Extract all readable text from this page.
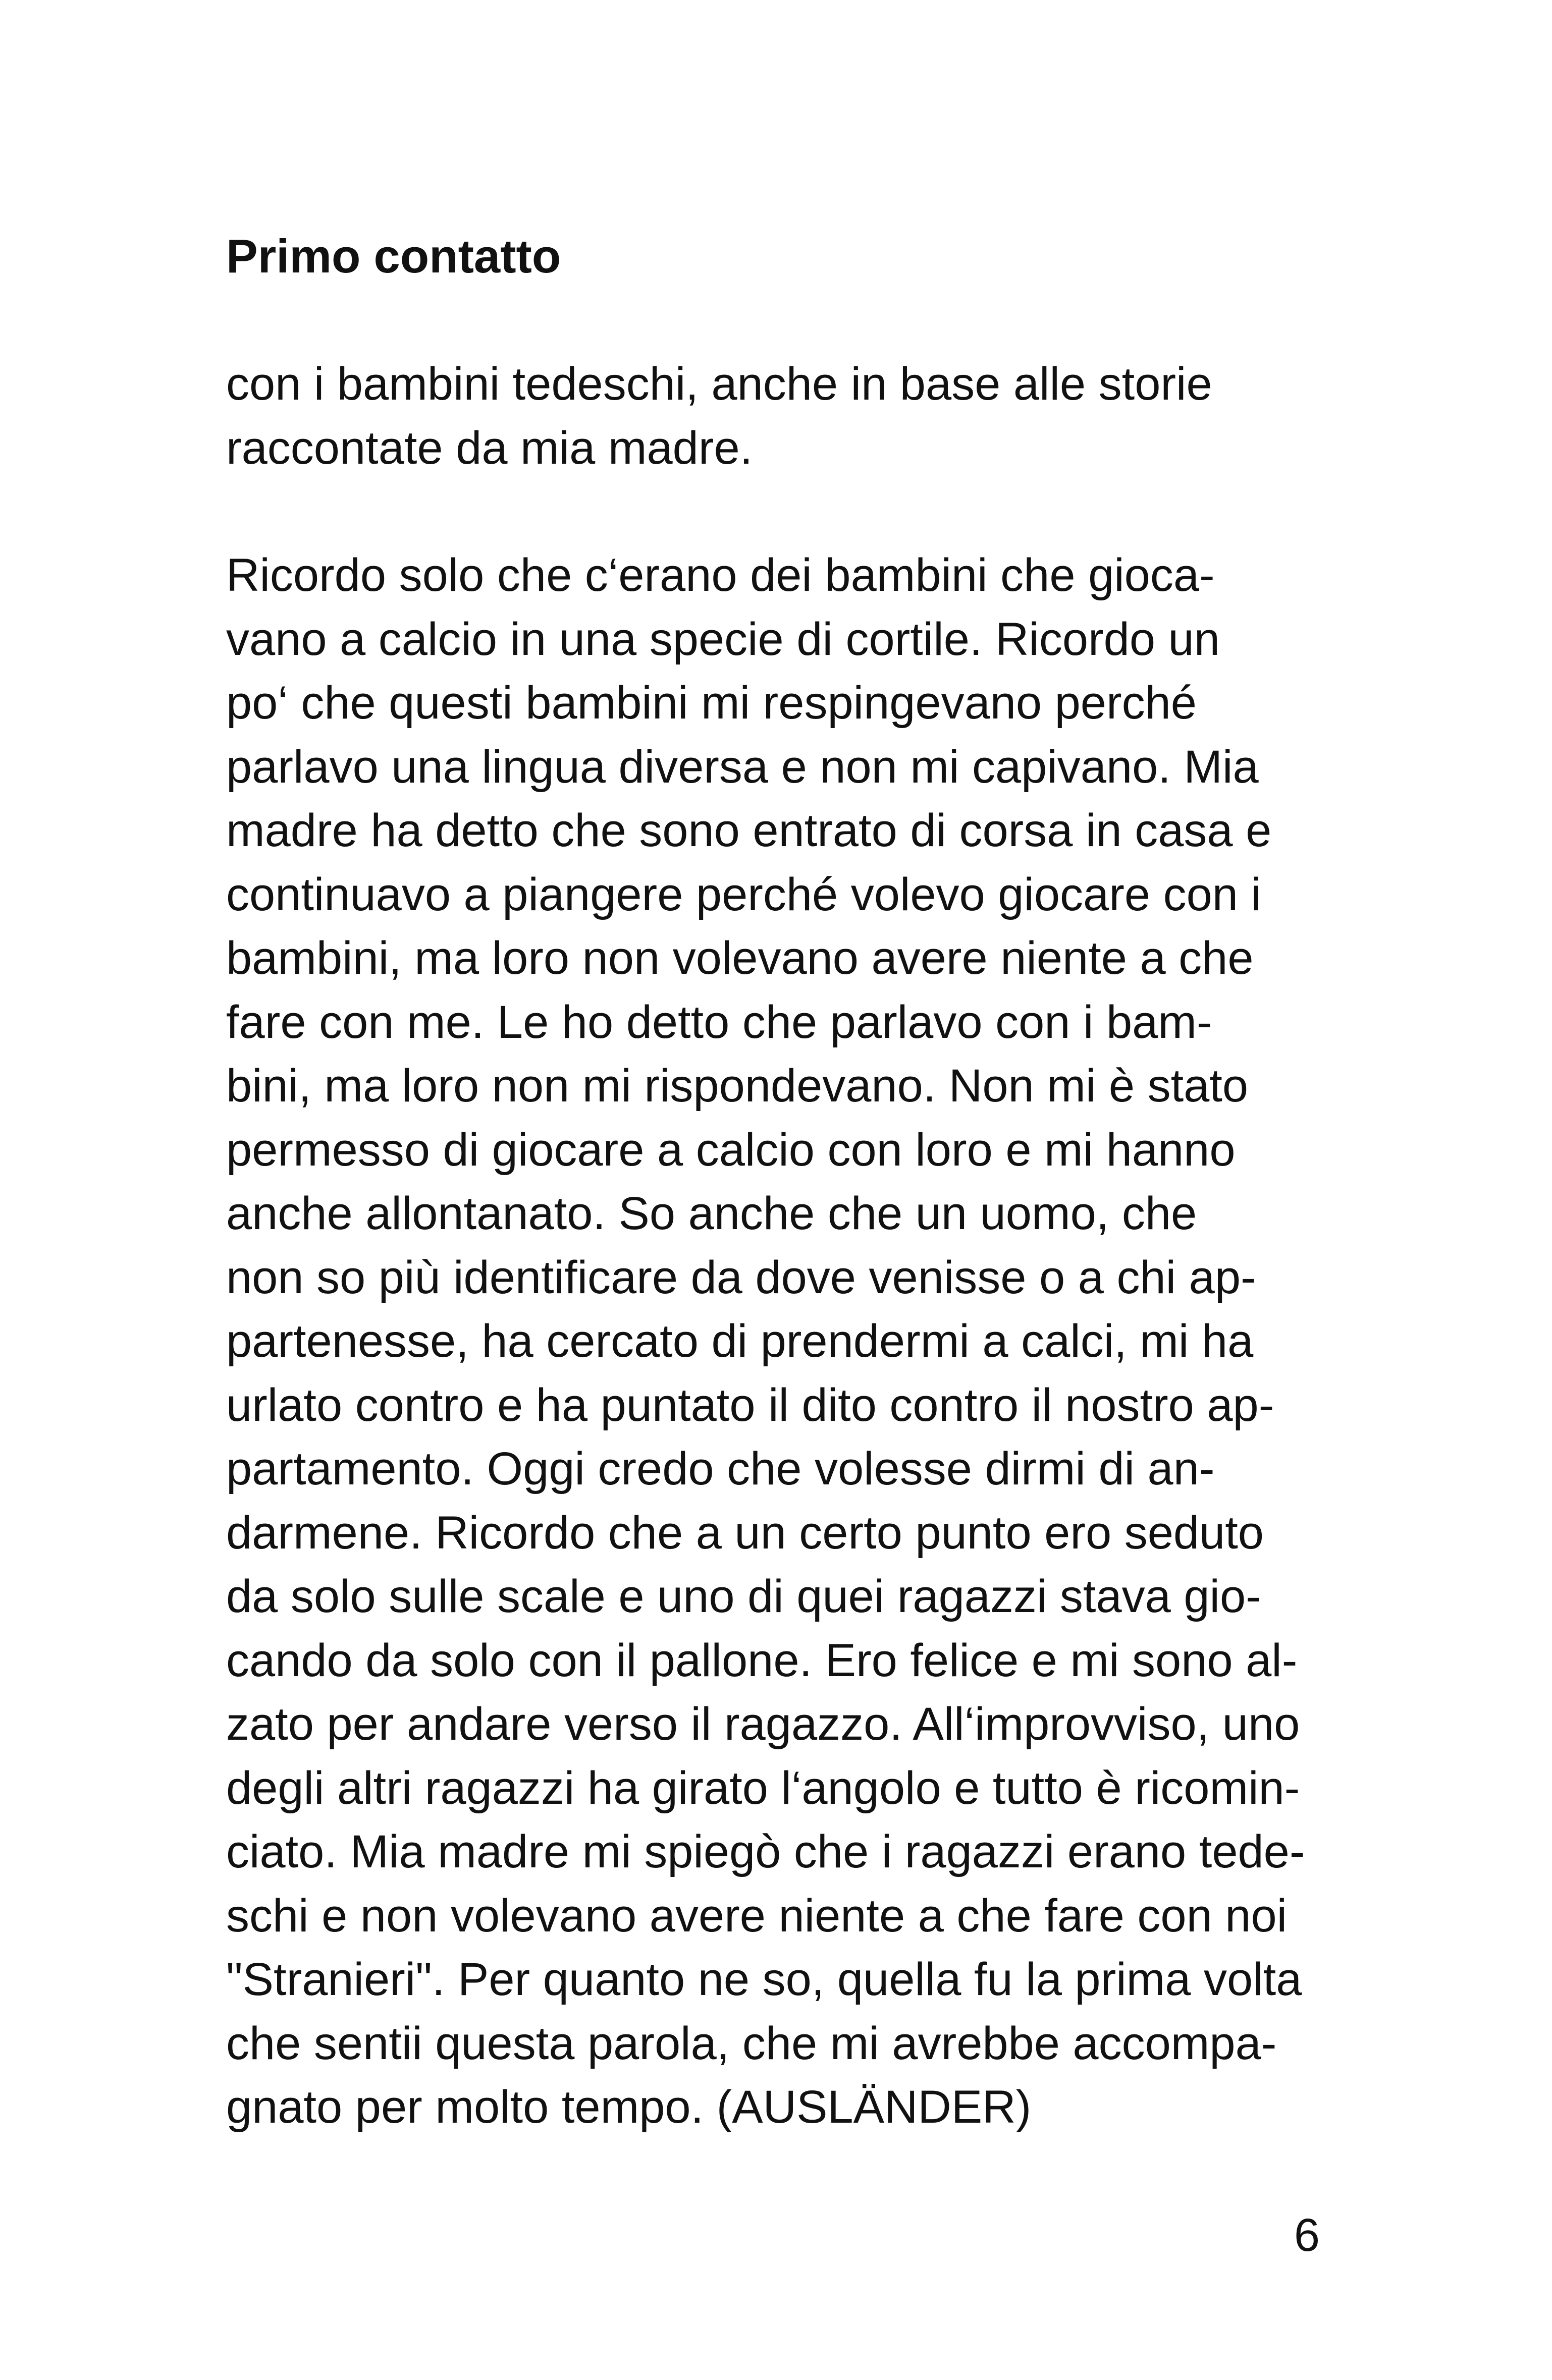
Primo contatto

con i bambini tedeschi, anche in base alle storie
raccontate da mia madre.

Ricordo solo che c‘erano dei bambini che gioca-
vano a calcio in una specie di cortile. Ricordo un
po‘ che questi bambini mi respingevano perché
parlavo una lingua diversa e non mi capivano. Mia
madre ha detto che sono entrato di corsa in casa e
continuavo a piangere perché volevo giocare con i
bambini, ma loro non volevano avere niente a che
fare con me. Le ho detto che parlavo con i bam-
bini, ma loro non mi rispondevano. Non mi è stato
permesso di giocare a calcio con loro e mi hanno
anche allontanato. So anche che un uomo, che
non so più identificare da dove venisse o a chi ap-
partenesse, ha cercato di prendermi a calci, mi ha
urlato contro e ha puntato il dito contro il nostro ap-
partamento. Oggi credo che volesse dirmi di an-
darmene. Ricordo che a un certo punto ero seduto
da solo sulle scale e uno di quei ragazzi stava gio-
cando da solo con il pallone. Ero felice e mi sono al-
zato per andare verso il ragazzo. All‘improvviso, uno
degli altri ragazzi ha girato l‘angolo e tutto è ricomin-
ciato. Mia madre mi spiegò che i ragazzi erano tede-
schi e non volevano avere niente a che fare con noi
"Stranieri". Per quanto ne so, quella fu la prima volta
che sentii questa parola, che mi avrebbe accompa-
gnato per molto tempo. (AUSLÄNDER)

6
